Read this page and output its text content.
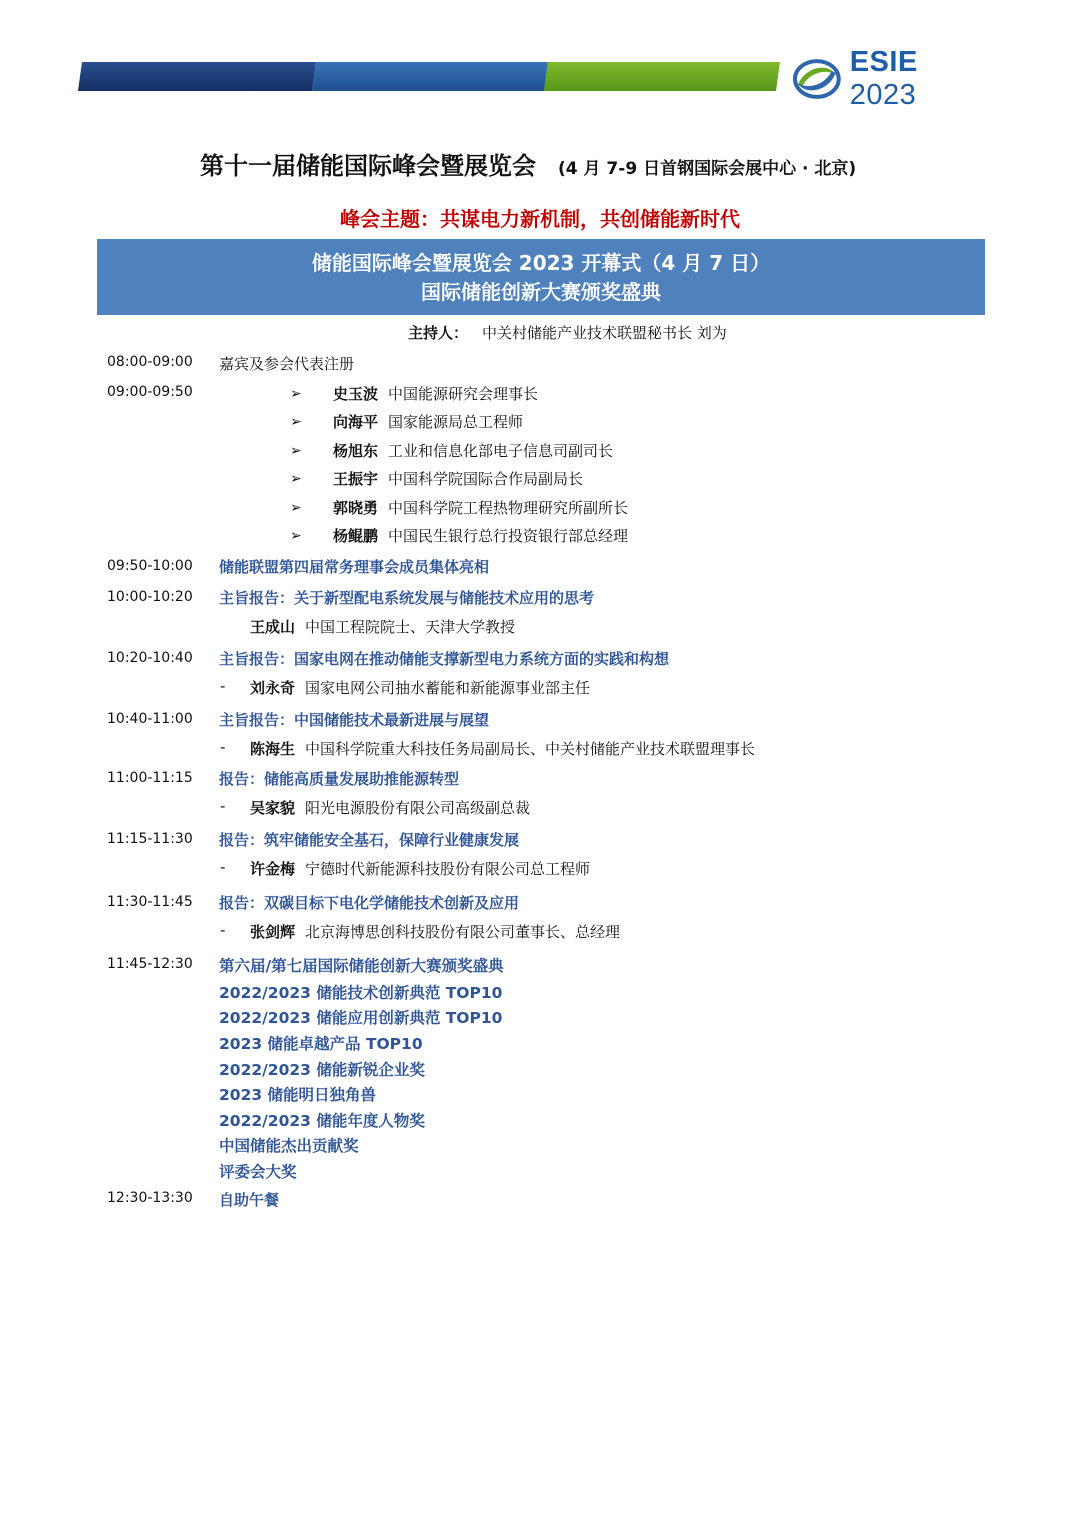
ESIE 2023
第十一届储能国际峰会暨展览会 (4 月 7-9 日首钢国际会展中心 · 北京)
峰会主题：共谋电力新机制，共创储能新时代
储能国际峰会暨展览会 2023 开幕式（4 月 7 日）
国际储能创新大赛颁奖盛典
主持人： 中关村储能产业技术联盟秘书长 刘为
08:00-09:00 嘉宾及参会代表注册
09:00-09:50	➢ 史玉波 中国能源研究会理事长
➢ 向海平 国家能源局总工程师
➢ 杨旭东 工业和信息化部电子信息司副司长
➢ 王振宇 中国科学院国际合作局副局长
➢ 郭晓勇 中国科学院工程热物理研究所副所长
➢ 杨鲲鹏 中国民生银行总行投资银行部总经理
09:50-10:00 储能联盟第四届常务理事会成员集体亮相
10:00-10:20 主旨报告：关于新型配电系统发展与储能技术应用的思考
王成山 中国工程院院士、天津大学教授
10:20-10:40 主旨报告：国家电网在推动储能支撑新型电力系统方面的实践和构想
- 刘永奇 国家电网公司抽水蓄能和新能源事业部主任
10:40-11:00 主旨报告：中国储能技术最新进展与展望
- 陈海生 中国科学院重大科技任务局副局长、中关村储能产业技术联盟理事长
11:00-11:15 报告：储能高质量发展助推能源转型
- 吴家貌 阳光电源股份有限公司高级副总裁
11:15-11:30 报告：筑牢储能安全基石，保障行业健康发展
- 许金梅 宁德时代新能源科技股份有限公司总工程师
11:30-11:45 报告：双碳目标下电化学储能技术创新及应用
- 张剑辉 北京海博思创科技股份有限公司董事长、总经理
11:45-12:30 第六届/第七届国际储能创新大赛颁奖盛典
2022/2023 储能技术创新典范 TOP10
2022/2023 储能应用创新典范 TOP10
2023 储能卓越产品 TOP10
2022/2023 储能新锐企业奖
2023 储能明日独角兽
2022/2023 储能年度人物奖
中国储能杰出贡献奖
评委会大奖
12:30-13:30 自助午餐
